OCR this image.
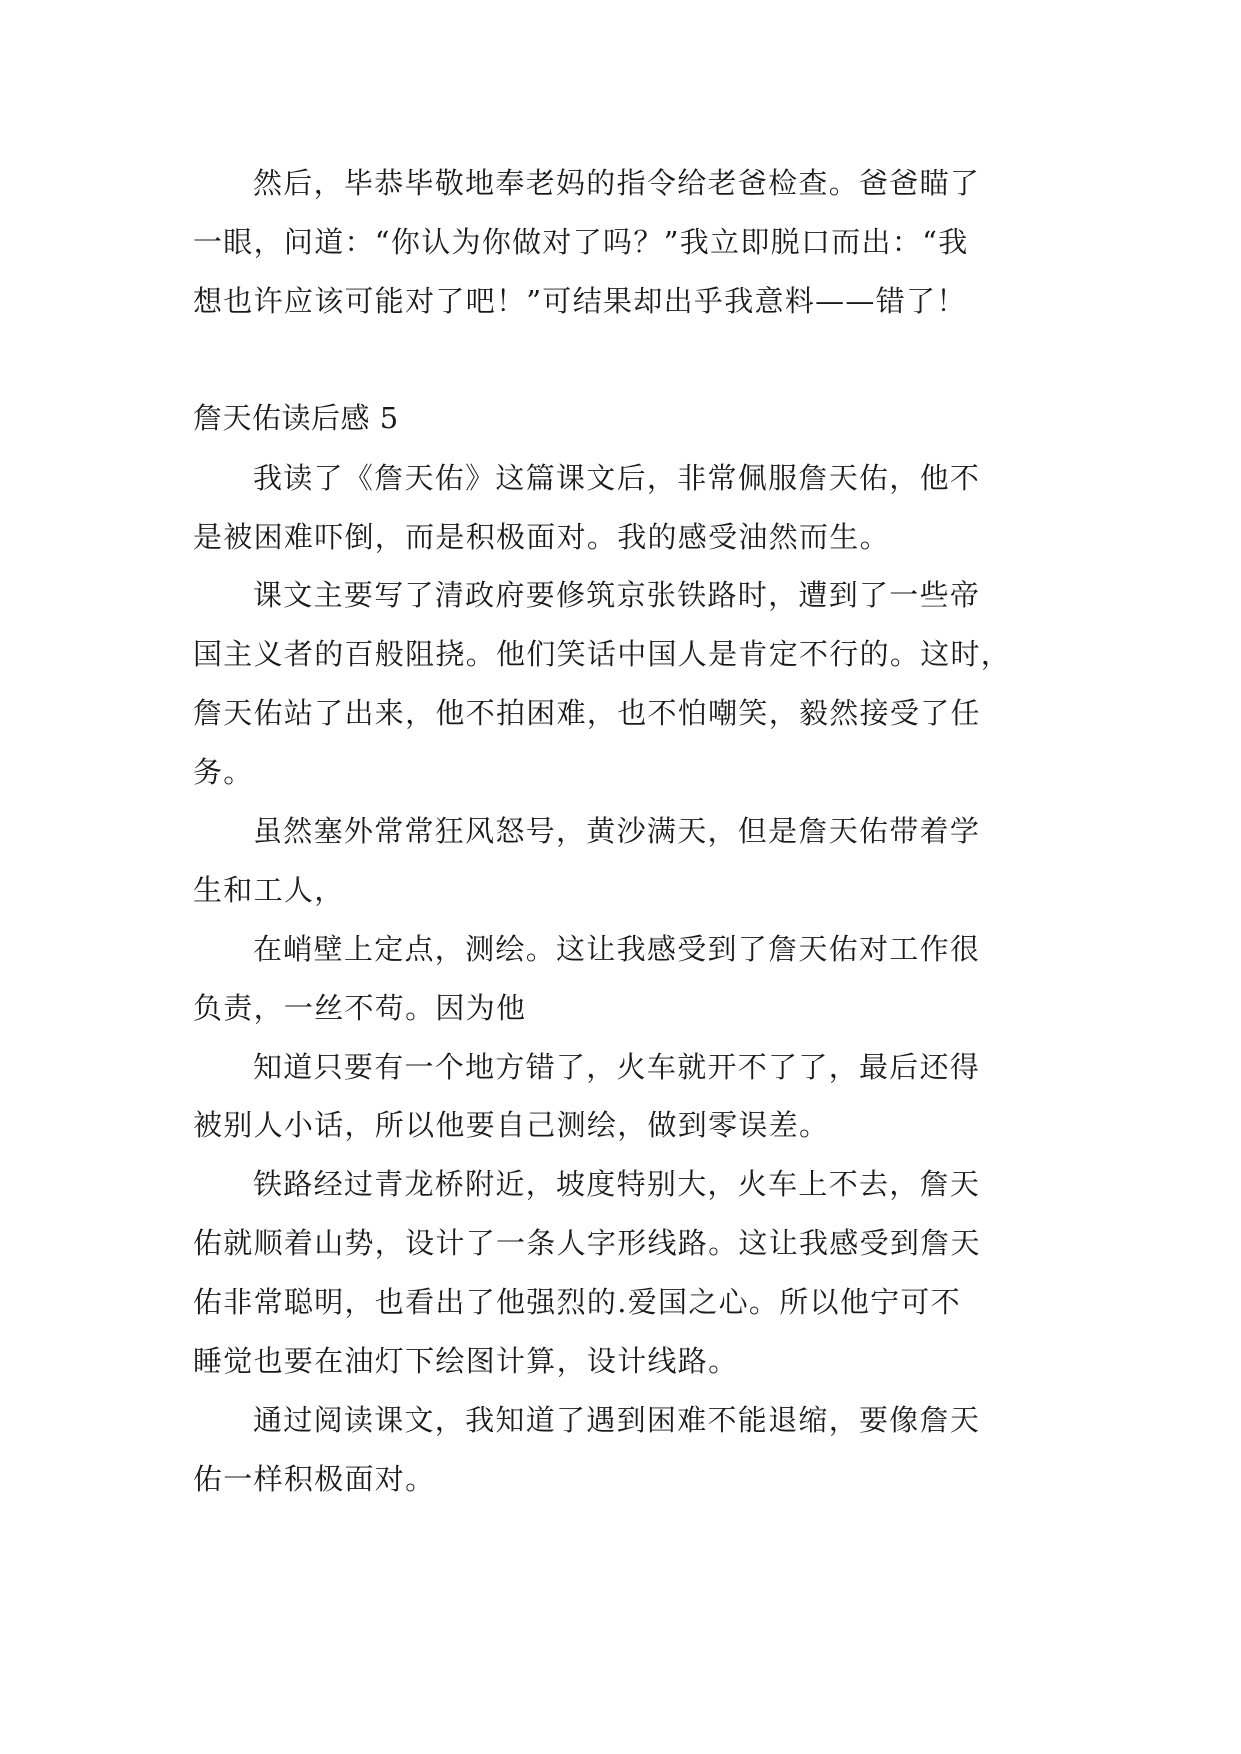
然后，毕恭毕敬地奉老妈的指令给老爸检查。爸爸瞄了
一眼，问道：“你认为你做对了吗？”我立即脱口而出：“我
想也许应该可能对了吧！”可结果却出乎我意料——错了！
詹天佑读后感 5
我读了《詹天佑》这篇课文后，非常佩服詹天佑，他不
是被困难吓倒，而是积极面对。我的感受油然而生。
课文主要写了清政府要修筑京张铁路时，遭到了一些帝
国主义者的百般阻挠。他们笑话中国人是肯定不行的。这时，
詹天佑站了出来，他不拍困难，也不怕嘲笑，毅然接受了任
务。
虽然塞外常常狂风怒号，黄沙满天，但是詹天佑带着学
生和工人，
在峭壁上定点，测绘。这让我感受到了詹天佑对工作很
负责，一丝不苟。因为他
知道只要有一个地方错了，火车就开不了了，最后还得
被别人小话，所以他要自己测绘，做到零误差。
铁路经过青龙桥附近，坡度特别大，火车上不去，詹天
佑就顺着山势，设计了一条人字形线路。这让我感受到詹天
佑非常聪明，也看出了他强烈的.爱国之心。所以他宁可不
睡觉也要在油灯下绘图计算，设计线路。
通过阅读课文，我知道了遇到困难不能退缩，要像詹天
佑一样积极面对。
